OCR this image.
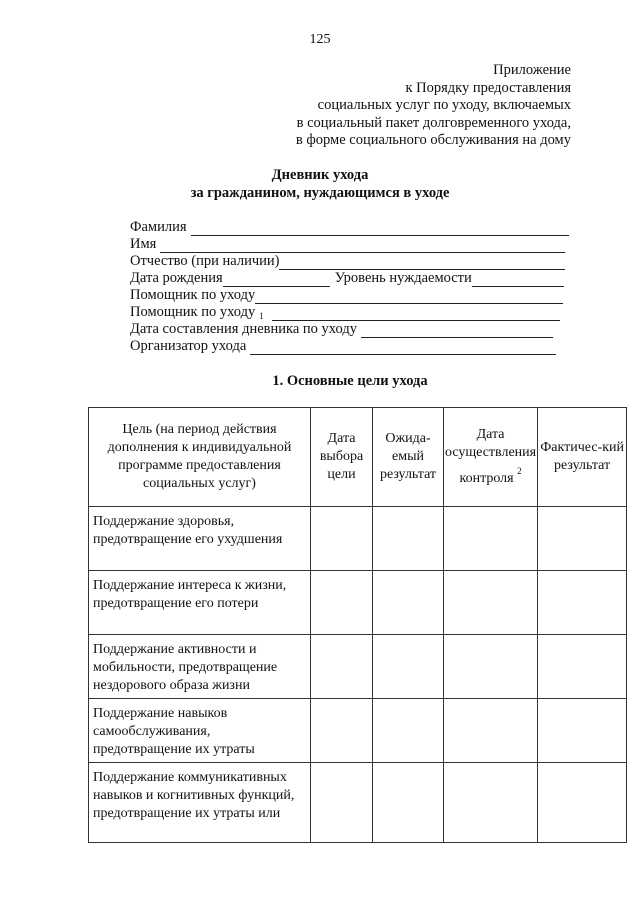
125
Приложение
к Порядку предоставления
социальных услуг по уходу, включаемых
в социальный пакет долговременного ухода,
в форме социального обслуживания на дому
Дневник ухода
за гражданином, нуждающимся в уходе
Фамилия
Имя
Отчество (при наличии)
Дата рождения	Уровень нуждаемости
Помощник по уходу
Помощник по уходу 1
Дата составления дневника по уходу
Организатор ухода
1. Основные цели ухода
Цель (на период действия дополнения к индивидуальной программе предоставления социальных услуг)	Дата выбора цели	Ожида-емый результат	Дата осуществления контроля $^2$	Фактичес-кий результат
Поддержание здоровья, предотвращение его ухудшения				
Поддержание интереса к жизни, предотвращение его потери				
Поддержание активности и мобильности, предотвращение нездорового образа жизни				
Поддержание навыков самообслуживания, предотвращение их утраты				
Поддержание коммуникативных навыков и когнитивных функций, предотвращение их утраты или				
